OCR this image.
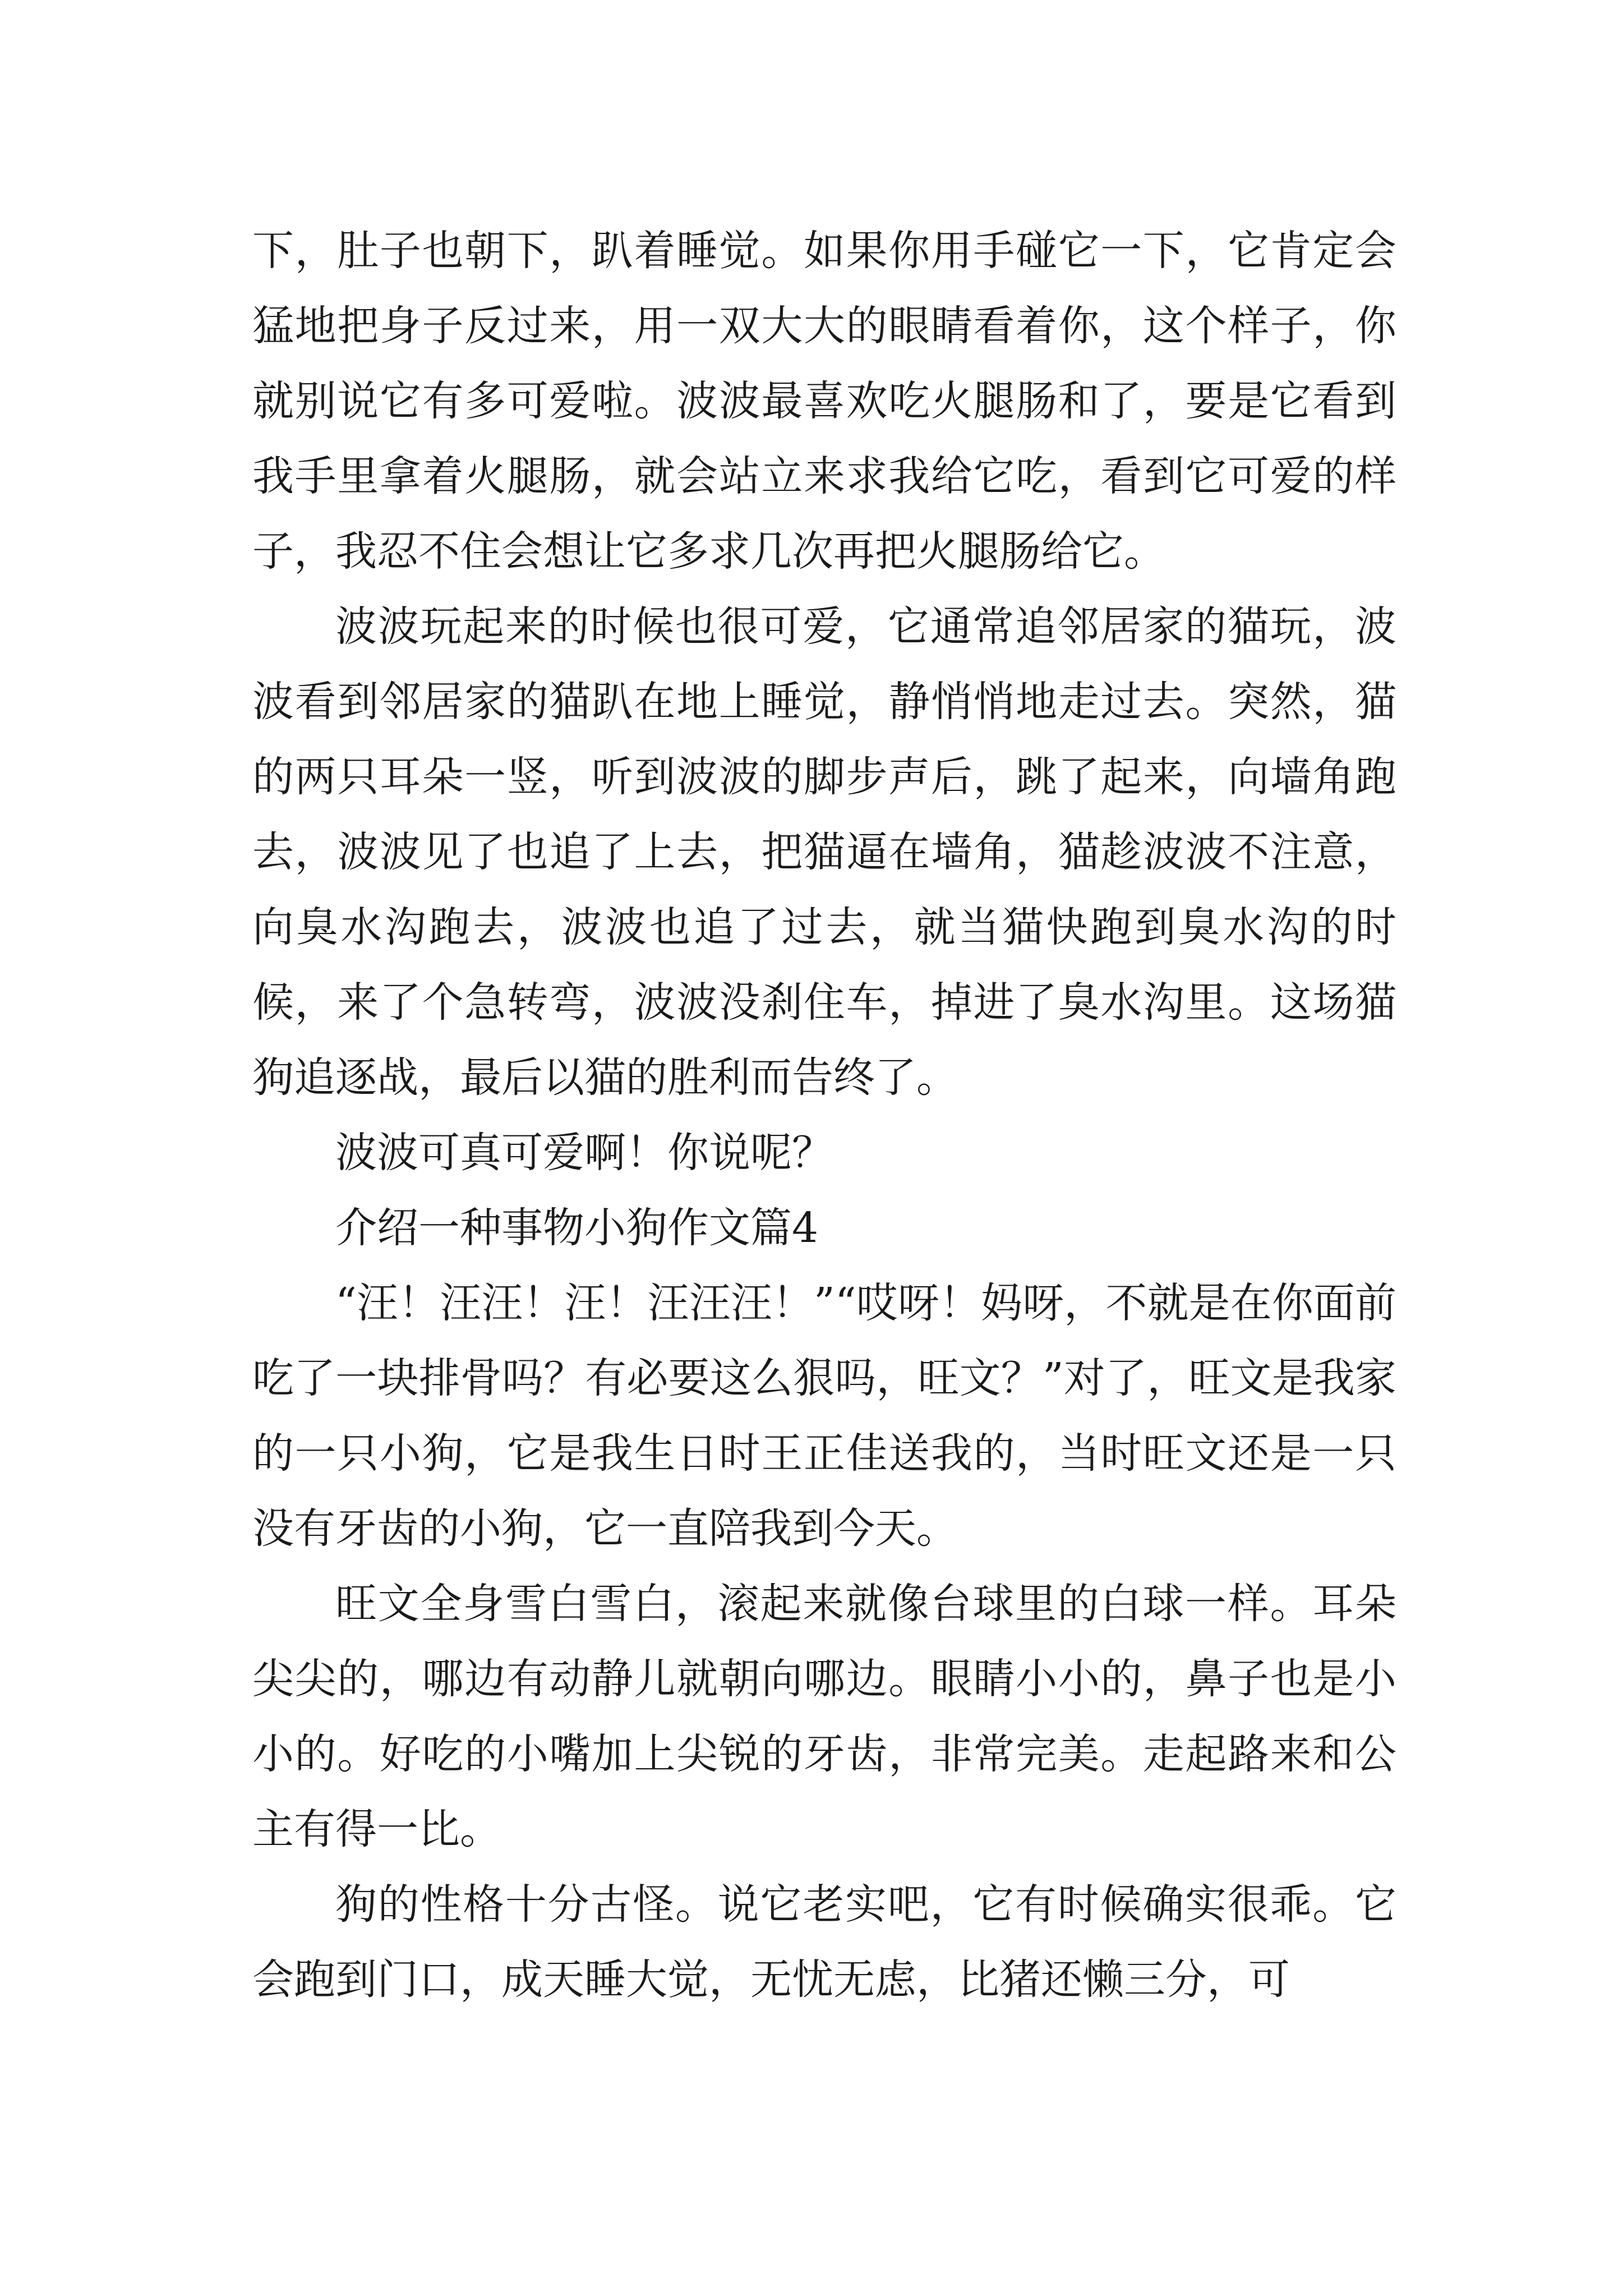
下，肚子也朝下，趴着睡觉。如果你用手碰它一下，它肯定会猛地把身子反过来，用一双大大的眼睛看着你，这个样子，你就别说它有多可爱啦。波波最喜欢吃火腿肠和了，要是它看到我手里拿着火腿肠，就会站立来求我给它吃，看到它可爱的样子，我忍不住会想让它多求几次再把火腿肠给它。

波波玩起来的时候也很可爱，它通常追邻居家的猫玩，波波看到邻居家的猫趴在地上睡觉，静悄悄地走过去。突然，猫的两只耳朵一竖，听到波波的脚步声后，跳了起来，向墙角跑去，波波见了也追了上去，把猫逼在墙角，猫趁波波不注意，向臭水沟跑去，波波也追了过去，就当猫快跑到臭水沟的时候，来了个急转弯，波波没刹住车，掉进了臭水沟里。这场猫狗追逐战，最后以猫的胜利而告终了。

波波可真可爱啊！你说呢？

介绍一种事物小狗作文篇4

“汪！汪汪！汪！汪汪汪！”“哎呀！妈呀，不就是在你面前吃了一块排骨吗？有必要这么狠吗，旺文？”对了，旺文是我家的一只小狗，它是我生日时王正佳送我的，当时旺文还是一只没有牙齿的小狗，它一直陪我到今天。

旺文全身雪白雪白，滚起来就像台球里的白球一样。耳朵尖尖的，哪边有动静儿就朝向哪边。眼睛小小的，鼻子也是小小的。好吃的小嘴加上尖锐的牙齿，非常完美。走起路来和公主有得一比。

狗的性格十分古怪。说它老实吧，它有时候确实很乖。它会跑到门口，成天睡大觉，无忧无虑，比猪还懒三分，可
